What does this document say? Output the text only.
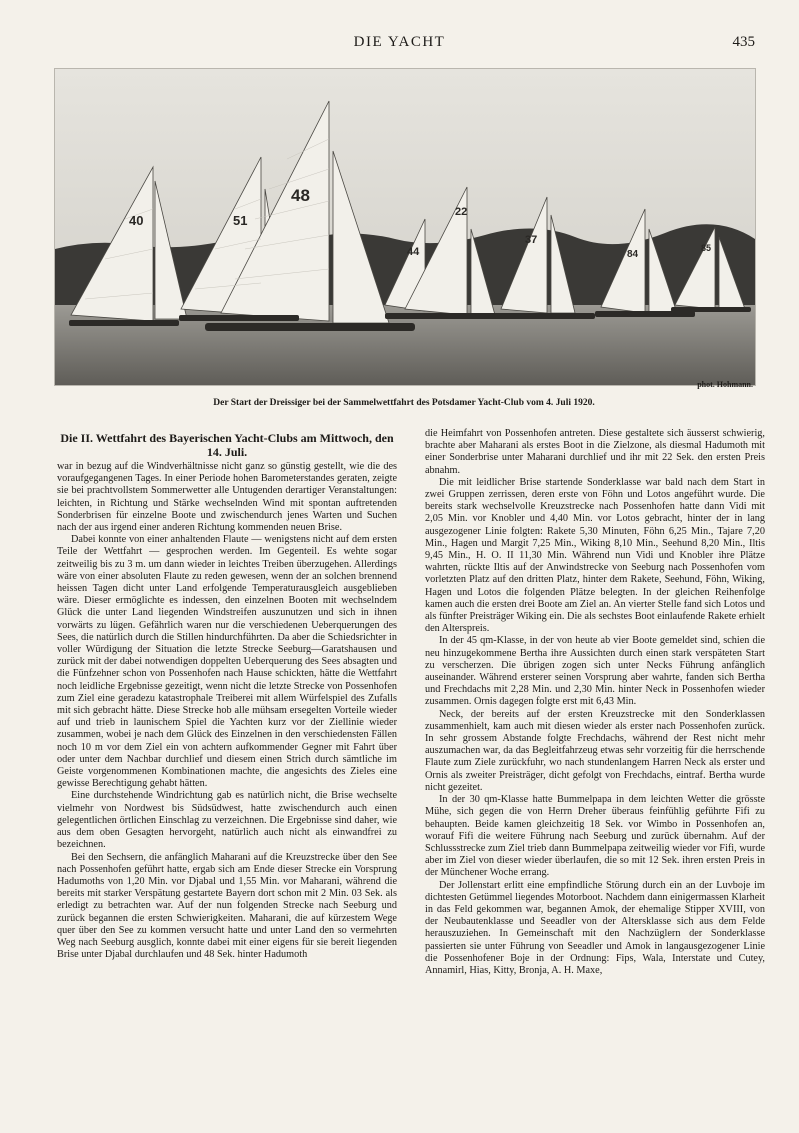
DIE YACHT	435
40	51
48
44
22
37
84
85
phot. Hohmann.
Der Start der Dreissiger bei der Sammelwettfahrt des Potsdamer Yacht-Club vom 4. Juli 1920.
Die II. Wettfahrt des Bayerischen Yacht-Clubs am Mittwoch, den 14. Juli.

war in bezug auf die Windverhältnisse nicht ganz so günstig gestellt, wie die des voraufgegangenen Tages. In einer Periode hohen Barometerstandes geraten, zeigte sie bei prachtvollstem Sommerwetter alle Untugenden derartiger Veranstaltungen: leichten, in Richtung und Stärke wechselnden Wind mit spontan auftretenden Sonderbrisen für einzelne Boote und zwischendurch jenes Warten und Suchen nach der aus irgend einer anderen Richtung kommenden neuen Brise.

Dabei konnte von einer anhaltenden Flaute — wenigstens nicht auf dem ersten Teile der Wettfahrt — gesprochen werden. Im Gegenteil. Es wehte sogar zeitweilig bis zu 3 m. um dann wieder in leichtes Treiben überzugehen. Allerdings wäre von einer absoluten Flaute zu reden gewesen, wenn der an solchen brennend heissen Tagen dicht unter Land erfolgende Temperaturausgleich ausgeblieben wäre. Dieser ermöglichte es indessen, den einzelnen Booten mit wechselndem Glück die unter Land liegenden Windstreifen auszunutzen und sich in ihnen vorwärts zu lügen. Gefährlich waren nur die verschiedenen Ueberquerungen des Sees, die natürlich durch die Stillen hindurchführten. Da aber die Schiedsrichter in voller Würdigung der Situation die letzte Strecke Seeburg—Garatshausen und zurück mit der dabei notwendigen doppelten Ueberquerung des Sees absagten und die Fünfzehner schon von Possenhofen nach Hause schickten, hätte die Wettfahrt noch leidliche Ergebnisse gezeitigt, wenn nicht die letzte Strecke von Possenhofen zum Ziel eine geradezu katastrophale Treiberei mit allem Würfelspiel des Zufalls mit sich gebracht hätte. Diese Strecke hob alle mühsam ersegelten Vorteile wieder auf und trieb in launischem Spiel die Yachten kurz vor der Ziellinie wieder zusammen, wobei je nach dem Glück des Einzelnen in den verschiedensten Fällen noch 10 m vor dem Ziel ein von achtern aufkommender Gegner mit Fahrt über oder unter dem Nachbar durchlief und diesem einen Strich durch sämtliche im Geiste vorgenommenen Kombinationen machte, die angesichts des Zieles eine gewisse Berechtigung gehabt hätten.

Eine durchstehende Windrichtung gab es natürlich nicht, die Brise wechselte vielmehr von Nordwest bis Südsüdwest, hatte zwischendurch auch einen gelegentlichen örtlichen Einschlag zu verzeichnen. Die Ergebnisse sind daher, wie aus dem oben Gesagten hervorgeht, natürlich auch nicht als einwandfrei zu bezeichnen.

Bei den Sechsern, die anfänglich Maharani auf die Kreuzstrecke über den See nach Possenhofen geführt hatte, ergab sich am Ende dieser Strecke ein Vorsprung Hadumoths von 1,20 Min. vor Djabal und 1,55 Min. vor Maharani, während die bereits mit starker Verspätung gestartete Bayern dort schon mit 2 Min. 03 Sek. als erledigt zu betrachten war. Auf der nun folgenden Strecke nach Seeburg und zurück begannen die ersten Schwierigkeiten. Maharani, die auf kürzestem Wege quer über den See zu kommen versucht hatte und unter Land den so vermehrten Weg nach Seeburg ausglich, konnte dabei mit einer eigens für sie bereit liegenden Brise unter Djabal durchlaufen und 48 Sek. hinter Hadumoth

die Heimfahrt von Possenhofen antreten. Diese gestaltete sich äusserst schwierig, brachte aber Maharani als erstes Boot in die Zielzone, als diesmal Hadumoth mit einer Sonderbrise unter Maharani durchlief und ihr mit 22 Sek. den ersten Preis abnahm.

Die mit leidlicher Brise startende Sonderklasse war bald nach dem Start in zwei Gruppen zerrissen, deren erste von Föhn und Lotos angeführt wurde. Die bereits stark wechselvolle Kreuzstrecke nach Possenhofen hatte dann Vidi mit 2,05 Min. vor Knobler und 4,40 Min. vor Lotos gebracht, hinter der in lang ausgezogener Linie folgten: Rakete 5,30 Minuten, Föhn 6,25 Min., Tajare 7,20 Min., Hagen und Margit 7,25 Min., Wiking 8,10 Min., Seehund 8,20 Min., Iltis 9,45 Min., H. O. II 11,30 Min. Während nun Vidi und Knobler ihre Plätze wahrten, rückte Iltis auf der Anwindstrecke von Seeburg nach Possenhofen vom vorletzten Platz auf den dritten Platz, hinter dem Rakete, Seehund, Föhn, Wiking, Hagen und Lotos die folgenden Plätze belegten. In der gleichen Reihenfolge kamen auch die ersten drei Boote am Ziel an. An vierter Stelle fand sich Lotos und als fünfter Preisträger Wiking ein. Die als sechstes Boot einlaufende Rakete erhielt den Alterspreis.

In der 45 qm-Klasse, in der von heute ab vier Boote gemeldet sind, schien die neu hinzugekommene Bertha ihre Aussichten durch einen stark verspäteten Start zu verscherzen. Die übrigen zogen sich unter Necks Führung anfänglich auseinander. Während ersterer seinen Vorsprung aber wahrte, fanden sich Bertha und Frechdachs mit 2,28 Min. und 2,30 Min. hinter Neck in Possenhofen wieder zusammen. Ornis dagegen folgte erst mit 6,43 Min.

Neck, der bereits auf der ersten Kreuzstrecke mit den Sonderklassen zusammenhielt, kam auch mit diesen wieder als erster nach Possenhofen zurück. In sehr grossem Abstande folgte Frechdachs, während der Rest nicht mehr auszumachen war, da das Begleitfahrzeug etwas sehr vorzeitig für die herrschende Flaute zum Ziele zurückfuhr, wo nach stundenlangem Harren Neck als erster und Ornis als zweiter Preisträger, dicht gefolgt von Frechdachs, eintraf. Bertha wurde nicht gezeitet.

In der 30 qm-Klasse hatte Bummelpapa in dem leichten Wetter die grösste Mühe, sich gegen die von Herrn Dreher überaus feinfühlig geführte Fifi zu behaupten. Beide kamen gleichzeitig 18 Sek. vor Wimbo in Possenhofen an, worauf Fifi die weitere Führung nach Seeburg und zurück übernahm. Auf der Schlussstrecke zum Ziel trieb dann Bummelpapa zeitweilig wieder vor Fifi, wurde aber im Ziel von dieser wieder überlaufen, die so mit 12 Sek. ihren ersten Preis in der Münchener Woche errang.

Der Jollenstart erlitt eine empfindliche Störung durch ein an der Luvboje im dichtesten Getümmel liegendes Motorboot. Nachdem dann einigermassen Klarheit in das Feld gekommen war, begannen Amok, der ehemalige Stipper XVIII, von der Neubautenklasse und Seeadler von der Altersklasse sich aus dem Felde herauszuziehen. In Gemeinschaft mit den Nachzüglern der Sonderklasse passierten sie unter Führung von Seeadler und Amok in langausgezogener Linie die Possenhofener Boje in der Ordnung: Fips, Wala, Interstate und Cutey, Annamirl, Hias, Kitty, Bronja, A. H. Maxe,
